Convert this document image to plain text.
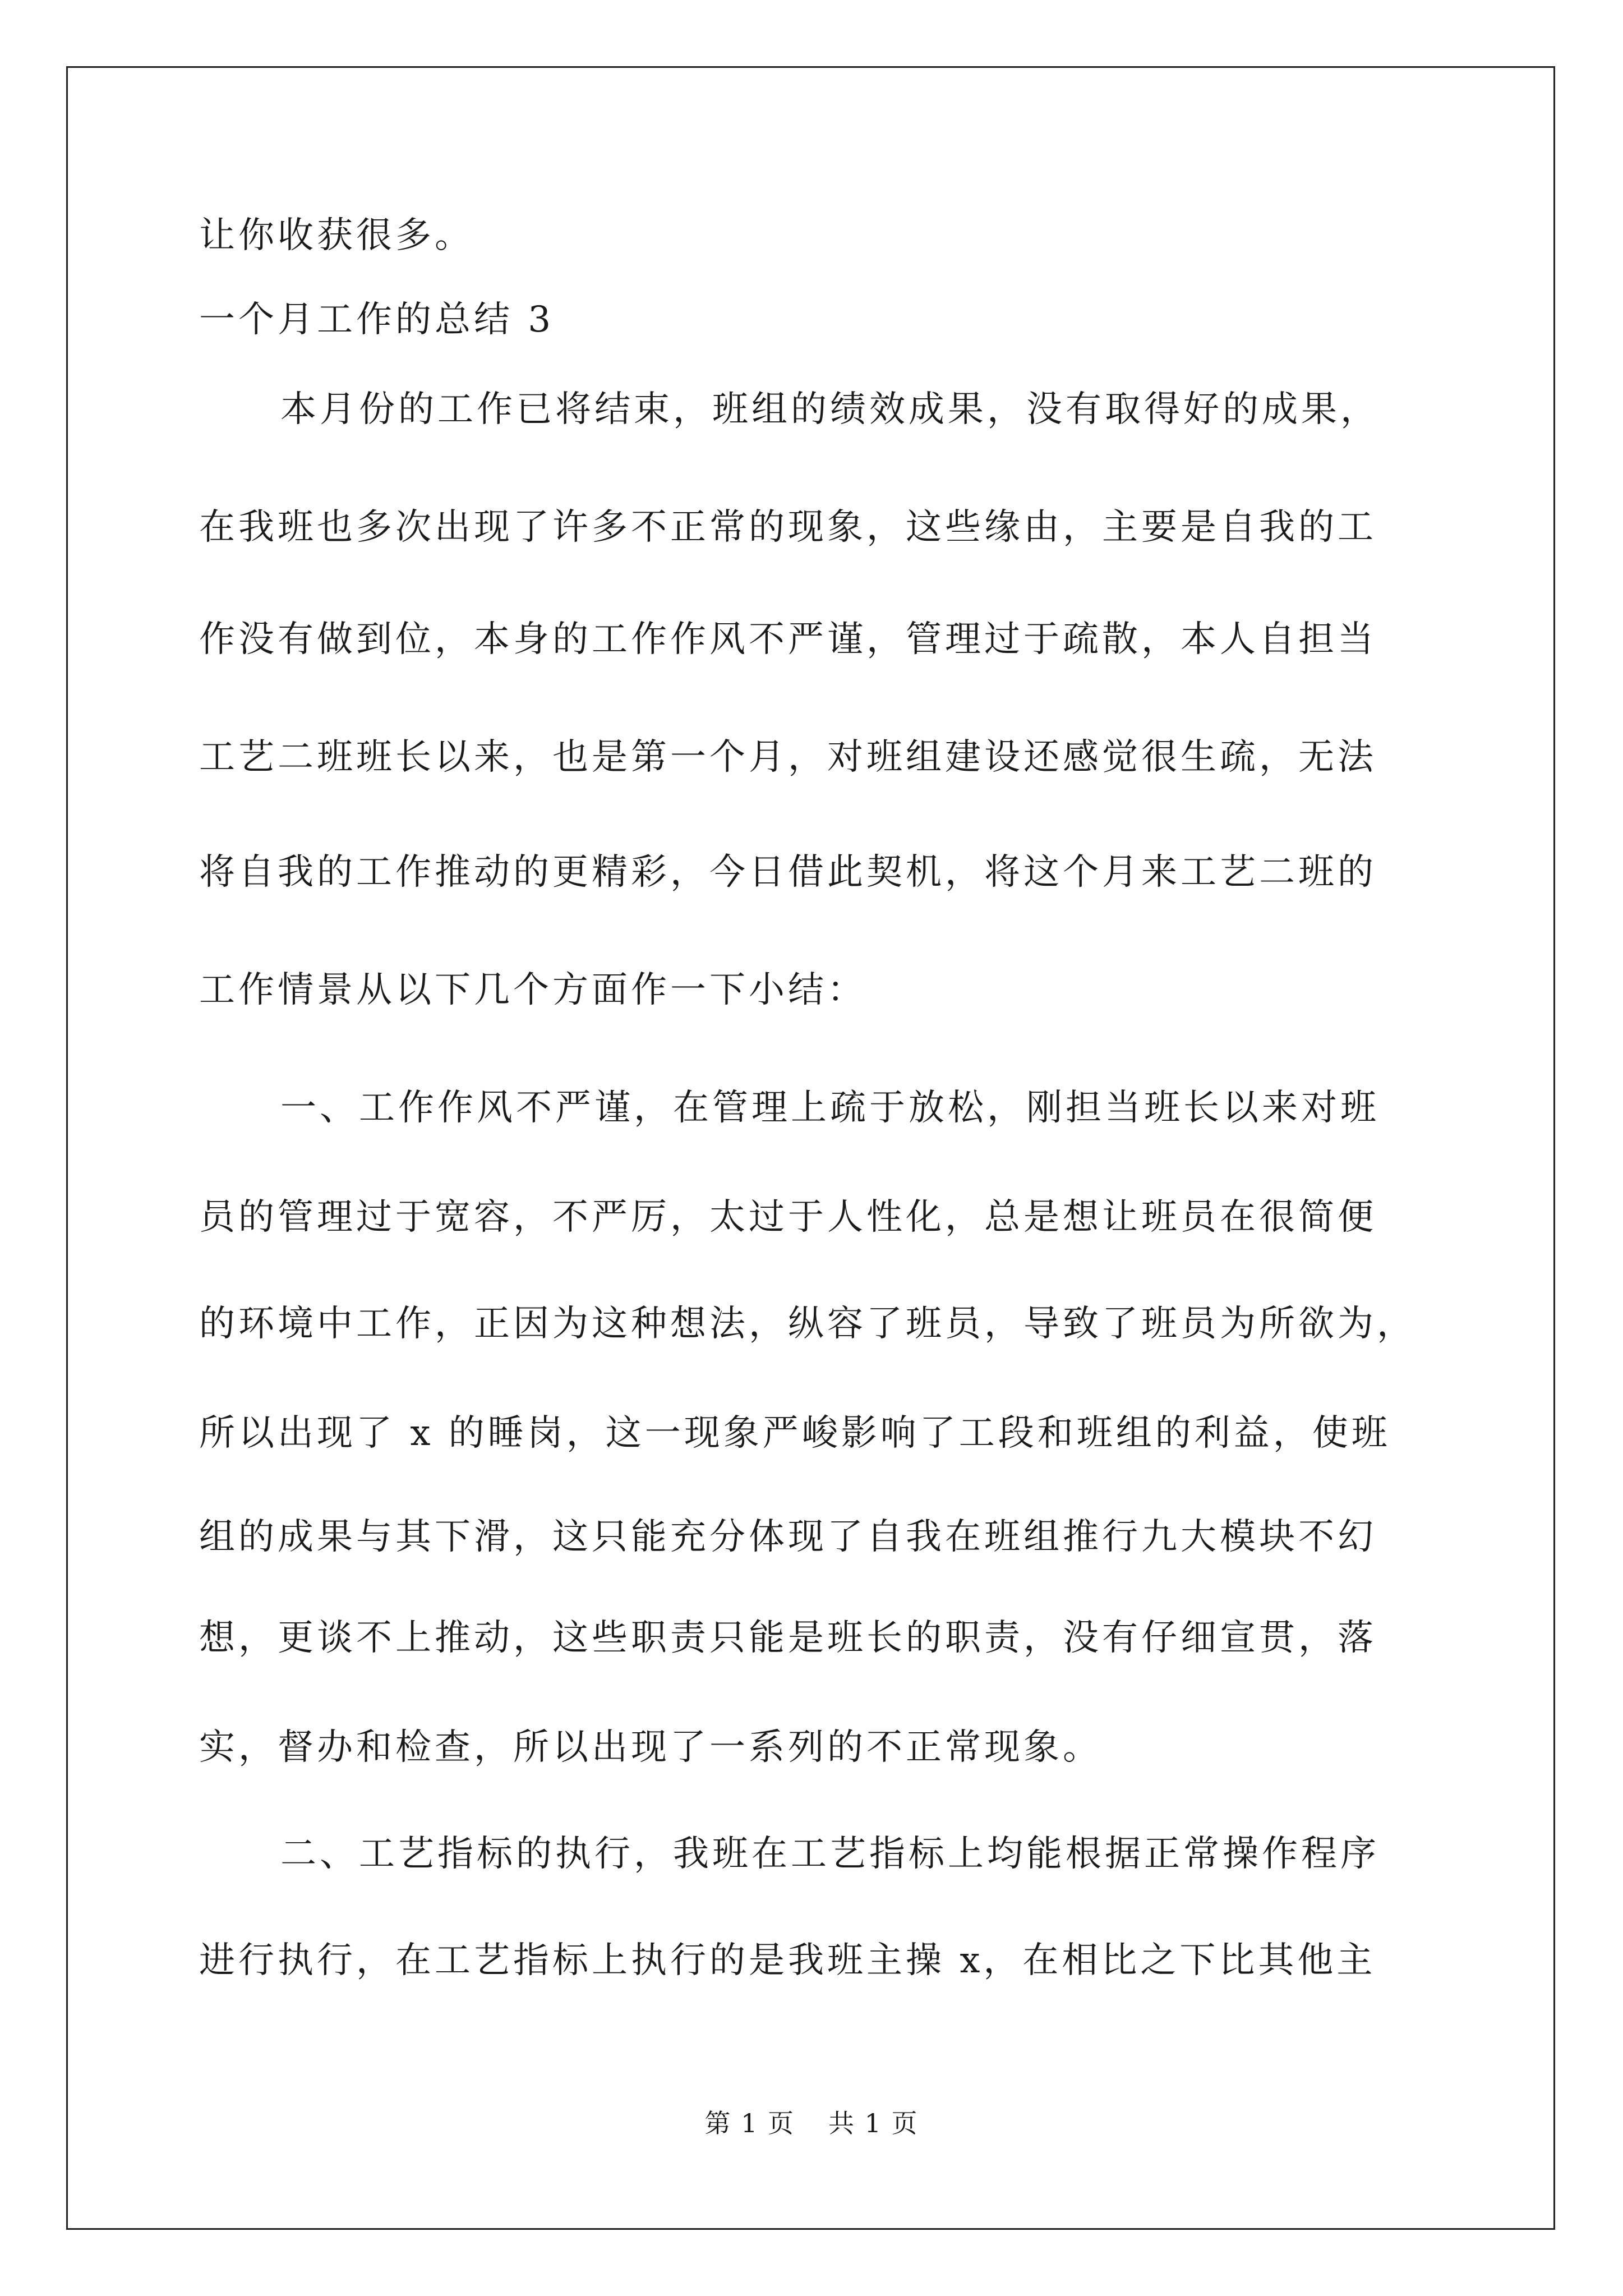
让你收获很多。
一个月工作的总结 3
本月份的工作已将结束，班组的绩效成果，没有取得好的成果，
在我班也多次出现了许多不正常的现象，这些缘由，主要是自我的工
作没有做到位，本身的工作作风不严谨，管理过于疏散，本人自担当
工艺二班班长以来，也是第一个月，对班组建设还感觉很生疏，无法
将自我的工作推动的更精彩，今日借此契机，将这个月来工艺二班的
工作情景从以下几个方面作一下小结：
一、工作作风不严谨，在管理上疏于放松，刚担当班长以来对班
员的管理过于宽容，不严厉，太过于人性化，总是想让班员在很简便
的环境中工作，正因为这种想法，纵容了班员，导致了班员为所欲为，
所以出现了 x 的睡岗，这一现象严峻影响了工段和班组的利益，使班
组的成果与其下滑，这只能充分体现了自我在班组推行九大模块不幻
想，更谈不上推动，这些职责只能是班长的职责，没有仔细宣贯，落
实，督办和检查，所以出现了一系列的不正常现象。
二、工艺指标的执行，我班在工艺指标上均能根据正常操作程序
进行执行，在工艺指标上执行的是我班主操 x，在相比之下比其他主
第 1 页 共 1 页
